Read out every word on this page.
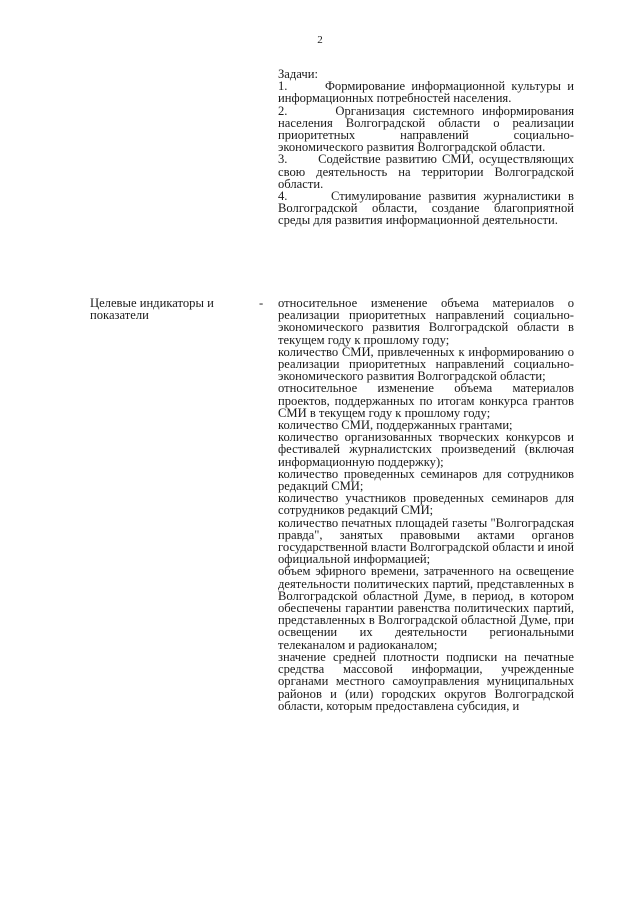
2

Задачи:

1.      Формирование информационной культуры и информационных потребностей населения.

2.      Организация системного информирования населения Волгоградской области о реализации приоритетных направлений социально-экономического развития Волгоградской области.

3.      Содействие развитию СМИ, осуществляющих свою деятельность на территории Волгоградской области.

4.      Стимулирование развития журналистики в Волгоградской области, создание благоприятной среды для развития информационной деятельности.

Целевые индикаторы и показатели
- относительное изменение объема материалов о реализации приоритетных направлений социально-экономического развития Волгоградской области в текущем году к прошлому году;

количество СМИ, привлеченных к информированию о реализации приоритетных направлений социально-экономического развития Волгоградской области;

относительное изменение объема материалов проектов, поддержанных по итогам конкурса грантов СМИ в текущем году к прошлому году;

количество СМИ, поддержанных грантами;

количество организованных творческих конкурсов и фестивалей журналистских произведений (включая информационную поддержку);

количество проведенных семинаров для сотрудников редакций СМИ;

количество участников проведенных семинаров для сотрудников редакций СМИ;

количество печатных площадей газеты "Волгоградская правда", занятых правовыми актами органов государственной власти Волгоградской области и иной официальной информацией;

объем эфирного времени, затраченного на освещение деятельности политических партий, представленных в Волгоградской областной Думе, в период, в котором обеспечены гарантии равенства политических партий, представленных в Волгоградской областной Думе, при освещении их деятельности региональными телеканалом и радиоканалом;

значение средней плотности подписки на печатные средства массовой информации, учрежденные органами местного самоуправления муниципальных районов и (или) городских округов Волгоградской области, которым предоставлена субсидия, и
